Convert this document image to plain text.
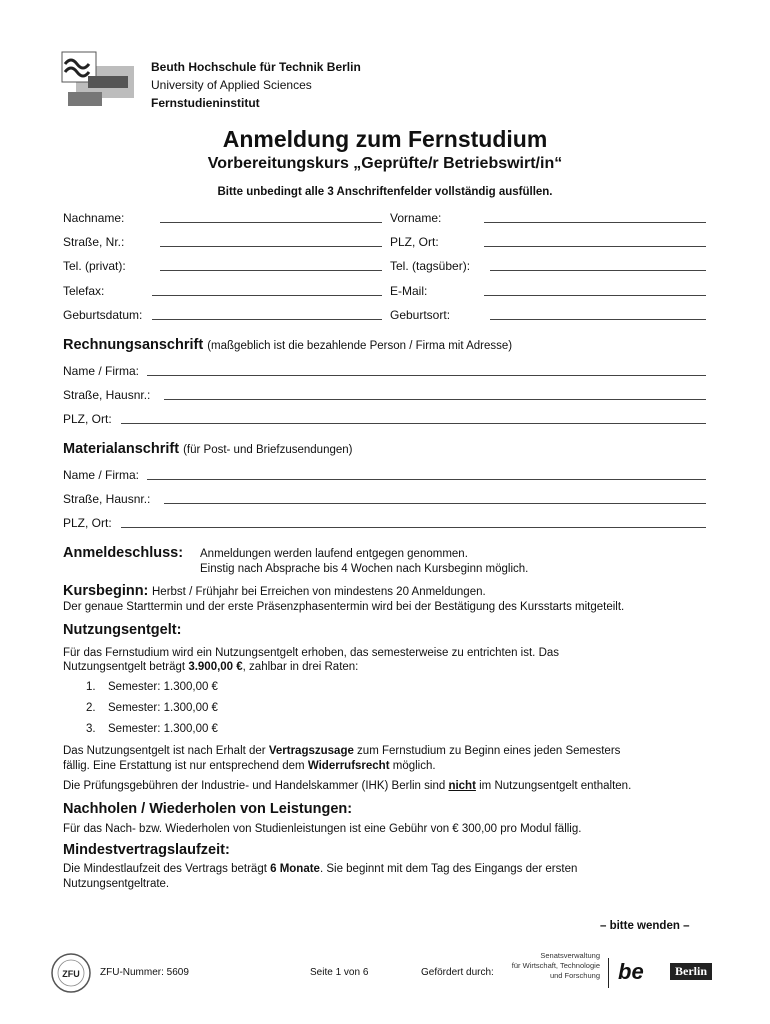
Beuth Hochschule für Technik Berlin
University of Applied Sciences
Fernstudieninstitut
Anmeldung zum Fernstudium
Vorbereitungskurs „Geprüfte/r Betriebswirt/in“
Bitte unbedingt alle 3 Anschriftenfelder vollständig ausfüllen.
Nachname:	Vorname:
Straße, Nr.:	PLZ, Ort:
Tel. (privat):	Tel. (tagsüber):
Telefax:	E-Mail:
Geburtsdatum:	Geburtsort:
Rechnungsanschrift (maßgeblich ist die bezahlende Person / Firma mit Adresse)
Name / Firma:
Straße, Hausnr.:
PLZ, Ort:
Materialanschrift (für Post- und Briefzusendungen)
Name / Firma:
Straße, Hausnr.:
PLZ, Ort:
Anmeldeschluss: Anmeldungen werden laufend entgegen genommen.
Einstig nach Absprache bis 4 Wochen nach Kursbeginn möglich.
Kursbeginn: Herbst / Frühjahr bei Erreichen von mindestens 20 Anmeldungen.
Der genaue Starttermin und der erste Präsenzphasentermin wird bei der Bestätigung des Kursstarts mitgeteilt.
Nutzungsentgelt:
Für das Fernstudium wird ein Nutzungsentgelt erhoben, das semesterweise zu entrichten ist. Das
Nutzungsentgelt beträgt 3.900,00 €, zahlbar in drei Raten:
1. Semester: 1.300,00 €
2. Semester: 1.300,00 €
3. Semester: 1.300,00 €
Das Nutzungsentgelt ist nach Erhalt der Vertragszusage zum Fernstudium zu Beginn eines jeden Semesters
fällig. Eine Erstattung ist nur entsprechend dem Widerrufsrecht möglich.
Die Prüfungsgebühren der Industrie- und Handelskammer (IHK) Berlin sind nicht im Nutzungsentgelt enthalten.
Nachholen / Wiederholen von Leistungen:
Für das Nach- bzw. Wiederholen von Studienleistungen ist eine Gebühr von € 300,00 pro Modul fällig.
Mindestvertragslaufzeit:
Die Mindestlaufzeit des Vertrags beträgt 6 Monate. Sie beginnt mit dem Tag des Eingangs der ersten
Nutzungsentgeltrate.
– bitte wenden –
ZFU ZFU-Nummer: 5609	Seite 1 von 6	Gefördert durch:
Senatsverwaltung
für Wirtschaft, Technologie
und Forschung be	Berlin
